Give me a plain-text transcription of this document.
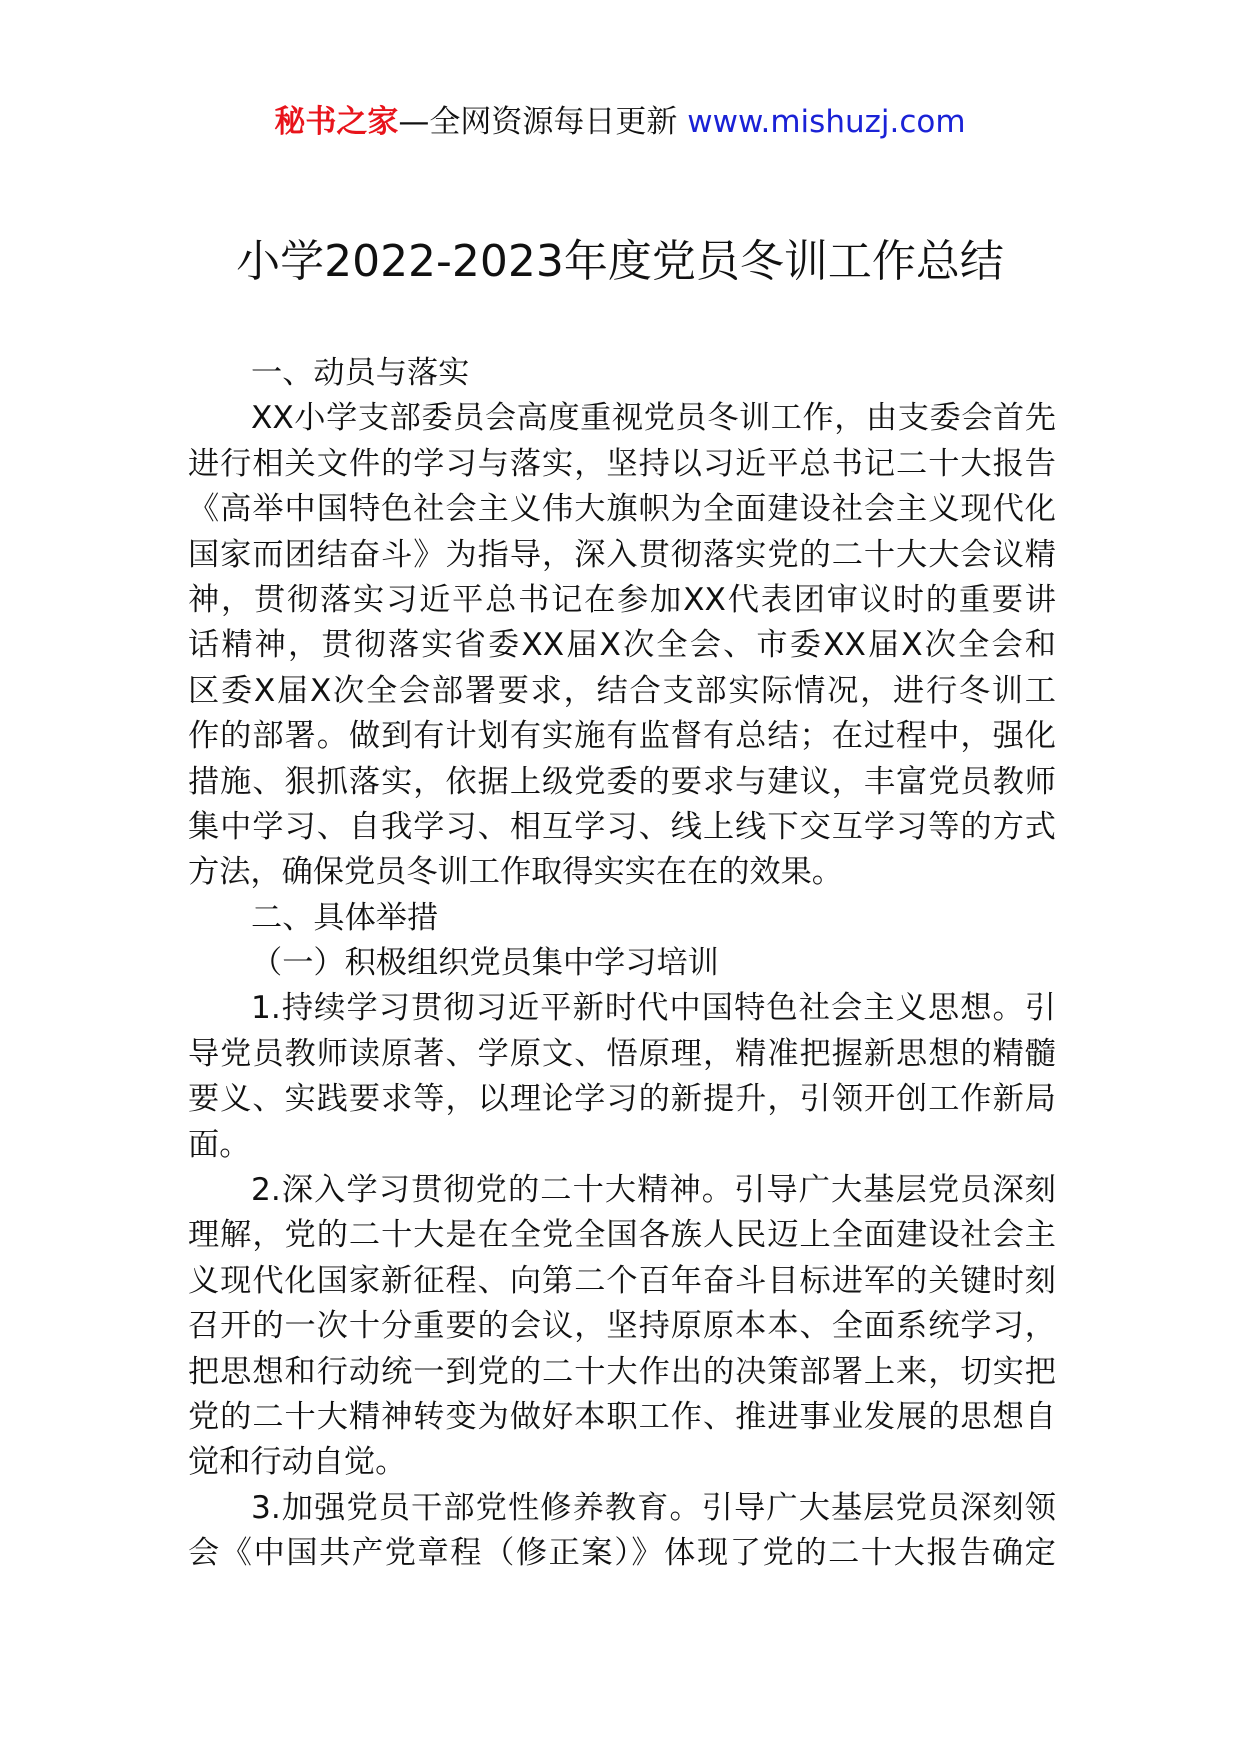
秘书之家—全网资源每日更新 www.mishuzj.com
小学2022-2023年度党员冬训工作总结
一、动员与落实
XX小学支部委员会高度重视党员冬训工作，由支委会首先
进行相关文件的学习与落实，坚持以习近平总书记二十大报告
《高举中国特色社会主义伟大旗帜为全面建设社会主义现代化
国家而团结奋斗》为指导，深入贯彻落实党的二十大大会议精
神，贯彻落实习近平总书记在参加XX代表团审议时的重要讲
话精神，贯彻落实省委XX届X次全会、市委XX届X次全会和
区委X届X次全会部署要求，结合支部实际情况，进行冬训工
作的部署。做到有计划有实施有监督有总结；在过程中，强化
措施、狠抓落实，依据上级党委的要求与建议，丰富党员教师
集中学习、自我学习、相互学习、线上线下交互学习等的方式
方法，确保党员冬训工作取得实实在在的效果。
二、具体举措
（一）积极组织党员集中学习培训
1.持续学习贯彻习近平新时代中国特色社会主义思想。引
导党员教师读原著、学原文、悟原理，精准把握新思想的精髓
要义、实践要求等，以理论学习的新提升，引领开创工作新局
面。
2.深入学习贯彻党的二十大精神。引导广大基层党员深刻
理解，党的二十大是在全党全国各族人民迈上全面建设社会主
义现代化国家新征程、向第二个百年奋斗目标进军的关键时刻
召开的一次十分重要的会议，坚持原原本本、全面系统学习，
把思想和行动统一到党的二十大作出的决策部署上来，切实把
党的二十大精神转变为做好本职工作、推进事业发展的思想自
觉和行动自觉。
3.加强党员干部党性修养教育。引导广大基层党员深刻领
会《中国共产党章程（修正案）》体现了党的二十大报告确定
